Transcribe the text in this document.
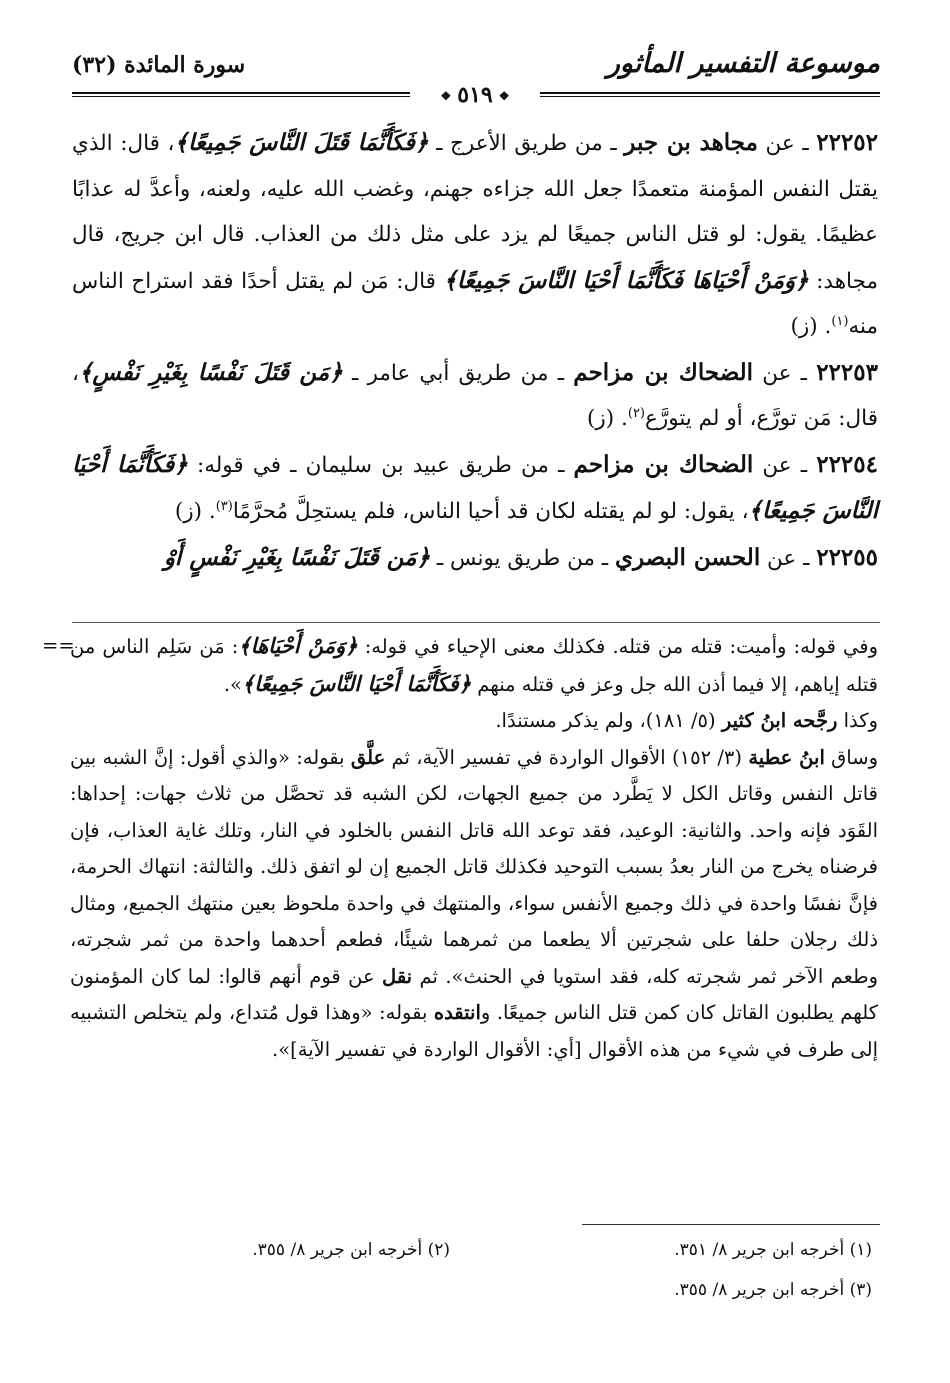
موسوعة التفسير المأثور
سورة المائدة (٣٢)
❖٥١٩❖

٢٢٢٥٢ ـ عن مجاهد بن جبر ـ من طريق الأعرج ـ ﴿فَكَأَنَّمَا قَتَلَ النَّاسَ جَمِيعًا﴾، قال: الذي يقتل النفس المؤمنة متعمدًا جعل الله جزاءه جهنم، وغضب الله عليه، ولعنه، وأعدَّ له عذابًا عظيمًا. يقول: لو قتل الناس جميعًا لم يزد على مثل ذلك من العذاب. قال ابن جريج، قال مجاهد: ﴿وَمَنْ أَحْيَاهَا فَكَأَنَّمَا أَحْيَا النَّاسَ جَمِيعًا﴾ قال: مَن لم يقتل أحدًا فقد استراح الناس منه$^{(١)}$. (ز)

٢٢٢٥٣ ـ عن الضحاك بن مزاحم ـ من طريق أبي عامر ـ ﴿مَن قَتَلَ نَفْسًا بِغَيْرِ نَفْسٍ﴾، قال: مَن تورَّع، أو لم يتورَّع$^{(٢)}$. (ز)

٢٢٢٥٤ ـ عن الضحاك بن مزاحم ـ من طريق عبيد بن سليمان ـ في قوله: ﴿فَكَأَنَّمَا أَحْيَا النَّاسَ جَمِيعًا﴾، يقول: لو لم يقتله لكان قد أحيا الناس، فلم يستحِلَّ مُحرَّمًا$^{(٣)}$. (ز)

٢٢٢٥٥ ـ عن الحسن البصري ـ من طريق يونس ـ ﴿مَن قَتَلَ نَفْسًا بِغَيْرِ نَفْسٍ أَوْ

==	وفي قوله: وأميت: قتله من قتله. فكذلك معنى الإحياء في قوله: ﴿وَمَنْ أَحْيَاهَا﴾: مَن سَلِم الناس من قتله إياهم، إلا فيما أذن الله جل وعز في قتله منهم ﴿فَكَأَنَّمَا أَحْيَا النَّاسَ جَمِيعًا﴾».

وكذا رجَّحه ابنُ كثير (٥/ ١٨١)، ولم يذكر مستندًا.

وساق ابنُ عطية (٣/ ١٥٢) الأقوال الواردة في تفسير الآية، ثم علَّق بقوله: «والذي أقول: إنَّ الشبه بين قاتل النفس وقاتل الكل لا يَطَّرد من جميع الجهات، لكن الشبه قد تحصَّل من ثلاث جهات: إحداها: القَوَد فإنه واحد. والثانية: الوعيد، فقد توعد الله قاتل النفس بالخلود في النار، وتلك غاية العذاب، فإن فرضناه يخرج من النار بعدُ بسبب التوحيد فكذلك قاتل الجميع إن لو اتفق ذلك. والثالثة: انتهاك الحرمة، فإنَّ نفسًا واحدة في ذلك وجميع الأنفس سواء، والمنتهك في واحدة ملحوظ بعين منتهك الجميع، ومثال ذلك رجلان حلفا على شجرتين ألا يطعما من ثمرهما شيئًا، فطعم أحدهما واحدة من ثمر شجرته، وطعم الآخر ثمر شجرته كله، فقد استويا في الحنث». ثم نقل عن قوم أنهم قالوا: لما كان المؤمنون كلهم يطلبون القاتل كان كمن قتل الناس جميعًا. وانتقده بقوله: «وهذا قول مُتداع، ولم يتخلص التشبيه إلى طرف في شيء من هذه الأقوال [أي: الأقوال الواردة في تفسير الآية]».

(١) أخرجه ابن جرير ٨/ ٣٥١.
(٢) أخرجه ابن جرير ٨/ ٣٥٥.
(٣) أخرجه ابن جرير ٨/ ٣٥٥.
